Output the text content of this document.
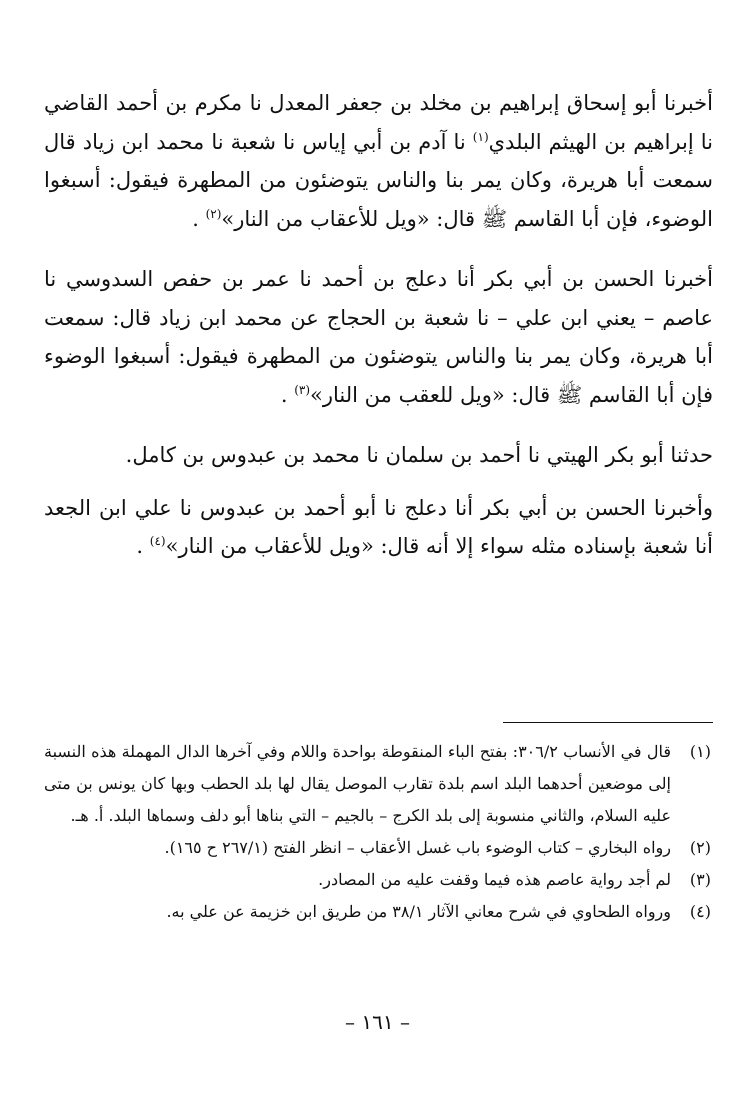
أخبرنا أبو إسحاق إبراهيم بن مخلد بن جعفر المعدل نا مكرم بن أحمد القاضي نا إبراهيم بن الهيثم البلدي$^{(١)}$ نا آدم بن أبي إياس نا شعبة نا محمد ابن زياد قال سمعت أبا هريرة، وكان يمر بنا والناس يتوضئون من المطهرة فيقول: أسبغوا الوضوء، فإن أبا القاسم ﷺ قال: «ويل للأعقاب من النار»$^{(٢)}$ .

أخبرنا الحسن بن أبي بكر أنا دعلج بن أحمد نا عمر بن حفص السدوسي نا عاصم – يعني ابن علي – نا شعبة بن الحجاج عن محمد ابن زياد قال: سمعت أبا هريرة، وكان يمر بنا والناس يتوضئون من المطهرة فيقول: أسبغوا الوضوء فإن أبا القاسم ﷺ قال: «ويل للعقب من النار»$^{(٣)}$ .

حدثنا أبو بكر الهيتي نا أحمد بن سلمان نا محمد بن عبدوس بن كامل.

وأخبرنا الحسن بن أبي بكر أنا دعلج نا أبو أحمد بن عبدوس نا علي ابن الجعد أنا شعبة بإسناده مثله سواء إلا أنه قال: «ويل للأعقاب من النار»$^{(٤)}$ .

(١)
قال في الأنساب ٣٠٦/٢: بفتح الباء المنقوطة بواحدة واللام وفي آخرها الدال المهملة هذه النسبة إلى موضعين أحدهما البلد اسم بلدة تقارب الموصل يقال لها بلد الحطب وبها كان يونس بن متى عليه السلام، والثاني منسوبة إلى بلد الكرج – بالجيم – التي بناها أبو دلف وسماها البلد. أ. هـ.
(٢)
رواه البخاري – كتاب الوضوء باب غسل الأعقاب – انظر الفتح (٢٦٧/١ ح ١٦٥).
(٣)
لم أجد رواية عاصم هذه فيما وقفت عليه من المصادر.
(٤)
ورواه الطحاوي في شرح معاني الآثار ٣٨/١ من طريق ابن خزيمة عن علي به.
– ١٦١ –
